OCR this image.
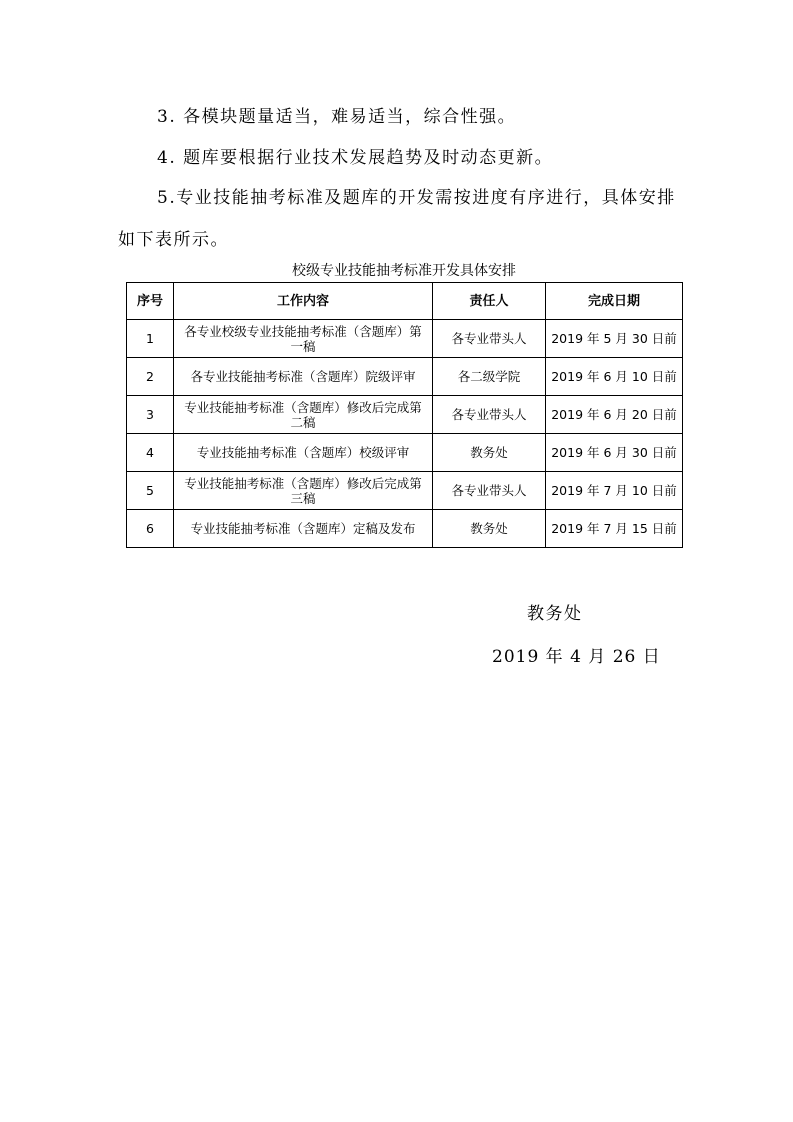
3. 各模块题量适当，难易适当，综合性强。
4. 题库要根据行业技术发展趋势及时动态更新。
5.专业技能抽考标准及题库的开发需按进度有序进行，具体安排
如下表所示。
校级专业技能抽考标准开发具体安排
序号	工作内容	责任人	完成日期
1	各专业校级专业技能抽考标准（含题库）第一稿	各专业带头人	2019 年 5 月 30 日前
2	各专业技能抽考标准（含题库）院级评审	各二级学院	2019 年 6 月 10 日前
3	专业技能抽考标准（含题库）修改后完成第二稿	各专业带头人	2019 年 6 月 20 日前
4	专业技能抽考标准（含题库）校级评审	教务处	2019 年 6 月 30 日前
5	专业技能抽考标准（含题库）修改后完成第三稿	各专业带头人	2019 年 7 月 10 日前
6	专业技能抽考标准（含题库）定稿及发布	教务处	2019 年 7 月 15 日前
教务处
2019 年 4 月 26 日
